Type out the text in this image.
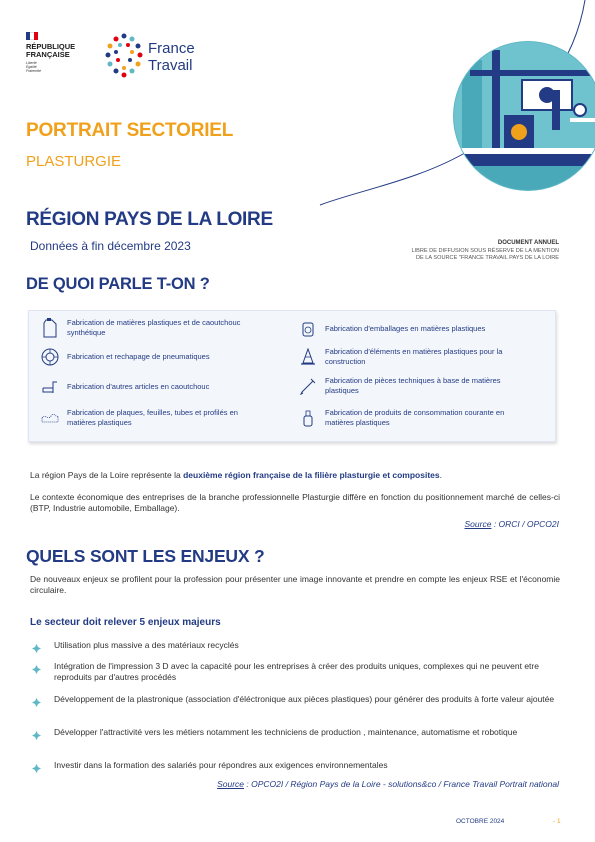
RÉPUBLIQUE
FRANÇAISE
Liberté
Égalité
Fraternité
France
Travail
PORTRAIT SECTORIEL
PLASTURGIE
RÉGION PAYS DE LA LOIRE
Données à fin décembre 2023	DOCUMENT ANNUEL
LIBRE DE DIFFUSION SOUS RÉSERVE DE LA MENTION
DE LA SOURCE "FRANCE TRAVAIL PAYS DE LA LOIRE
DE QUOI PARLE T-ON ?
Fabrication de matières plastiques et de caoutchouc synthétique
Fabrication et rechapage de pneumatiques
Fabrication d'autres articles en caoutchouc
Fabrication de plaques, feuilles, tubes et profilés en matières plastiques
Fabrication d'emballages en matières plastiques
Fabrication d'éléments en matières plastiques pour la construction
Fabrication de pièces techniques à base de matières plastiques
Fabrication de produits de consommation courante en matières plastiques
La région Pays de la Loire représente la deuxième région française de la filière plasturgie et composites.
Le contexte économique des entreprises de la branche professionnelle Plasturgie diffère en fonction du positionnement marché de celles-ci (BTP, Industrie automobile, Emballage).
Source : ORCI / OPCO2I
QUELS SONT LES ENJEUX ?
De nouveaux enjeux se profilent pour la profession pour présenter une image innovante et prendre en compte les enjeux RSE et l'économie circulaire.
Le secteur doit relever 5 enjeux majeurs
Utilisation plus massive a des matériaux recyclés
Intégration de l'impression 3 D avec la capacité pour les entreprises à créer des produits uniques, complexes qui ne peuvent etre reproduits par d'autres procédés
Développement de la plastronique (association d'éléctronique aux pièces plastiques) pour générer des produits à forte valeur ajoutée
Développer l'attractivité vers les métiers notamment les techniciens de production , maintenance, automatisme et robotique
Investir dans la formation des salariés pour répondres aux exigences environnementales
Source : OPCO2I / Région Pays de la Loire - solutions&co / France Travail Portrait national
OCTOBRE 2024	- 1
